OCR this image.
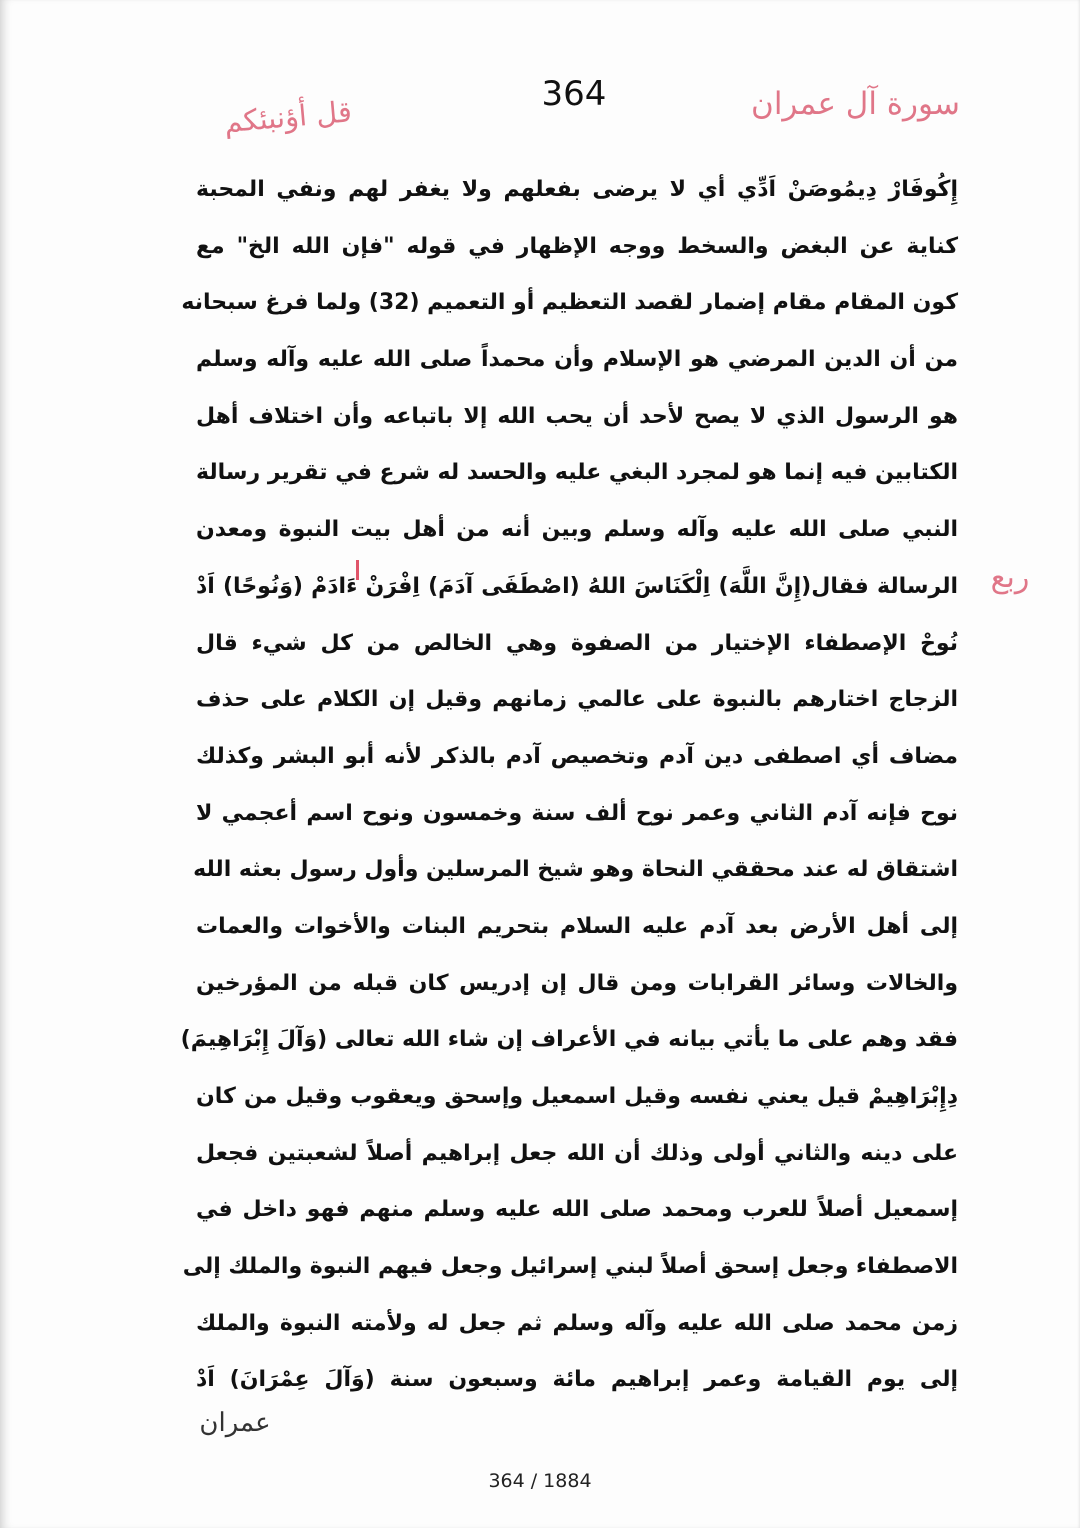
364	سورة آل عمران
قل أؤنبئكم
ربع
إِكُوفَارْ دِيمُوصَنْ اَدِّي أي لا يرضى بفعلهم ولا يغفر لهم ونفي المحبة
كناية عن البغض والسخط ووجه الإظهار في قوله "فإن الله الخ" مع
كون المقام مقام إضمار لقصد التعظيم أو التعميم (32) ولما فرغ سبحانه
من أن الدين المرضي هو الإسلام وأن محمداً صلى الله عليه وآله وسلم
هو الرسول الذي لا يصح لأحد أن يحب الله إلا باتباعه وأن اختلاف أهل
الكتابين فيه إنما هو لمجرد البغي عليه والحسد له شرع في تقرير رسالة
النبي صلى الله عليه وآله وسلم وبين أنه من أهل بيت النبوة ومعدن
الرسالة فقال(إِنَّ اللَّهَ) اِلْكَنَاسَ اللهُ (اصْطَفَى آدَمَ) اِفْرَنْ ءَادَمْ (وَنُوحًا) اَدْ
نُوحْ الإصطفاء الإختيار من الصفوة وهي الخالص من كل شيء قال
الزجاج اختارهم بالنبوة على عالمي زمانهم وقيل إن الكلام على حذف
مضاف أي اصطفى دين آدم وتخصيص آدم بالذكر لأنه أبو البشر وكذلك
نوح فإنه آدم الثاني وعمر نوح ألف سنة وخمسون ونوح اسم أعجمي لا
اشتقاق له عند محققي النحاة وهو شيخ المرسلين وأول رسول بعثه الله
إلى أهل الأرض بعد آدم عليه السلام بتحريم البنات والأخوات والعمات
والخالات وسائر القرابات ومن قال إن إدريس كان قبله من المؤرخين
فقد وهم على ما يأتي بيانه في الأعراف إن شاء الله تعالى (وَآلَ إِبْرَاهِيمَ)
دِإِبْرَاهِيمْ قيل يعني نفسه وقيل اسمعيل وإسحق ويعقوب وقيل من كان
على دينه والثاني أولى وذلك أن الله جعل إبراهيم أصلاً لشعبتين فجعل
إسمعيل أصلاً للعرب ومحمد صلى الله عليه وسلم منهم فهو داخل في
الاصطفاء وجعل إسحق أصلاً لبني إسرائيل وجعل فيهم النبوة والملك إلى
زمن محمد صلى الله عليه وآله وسلم ثم جعل له ولأمته النبوة والملك
إلى يوم القيامة وعمر إبراهيم مائة وسبعون سنة (وَآلَ عِمْرَانَ) اَدْ
عمران
364 / 1884
